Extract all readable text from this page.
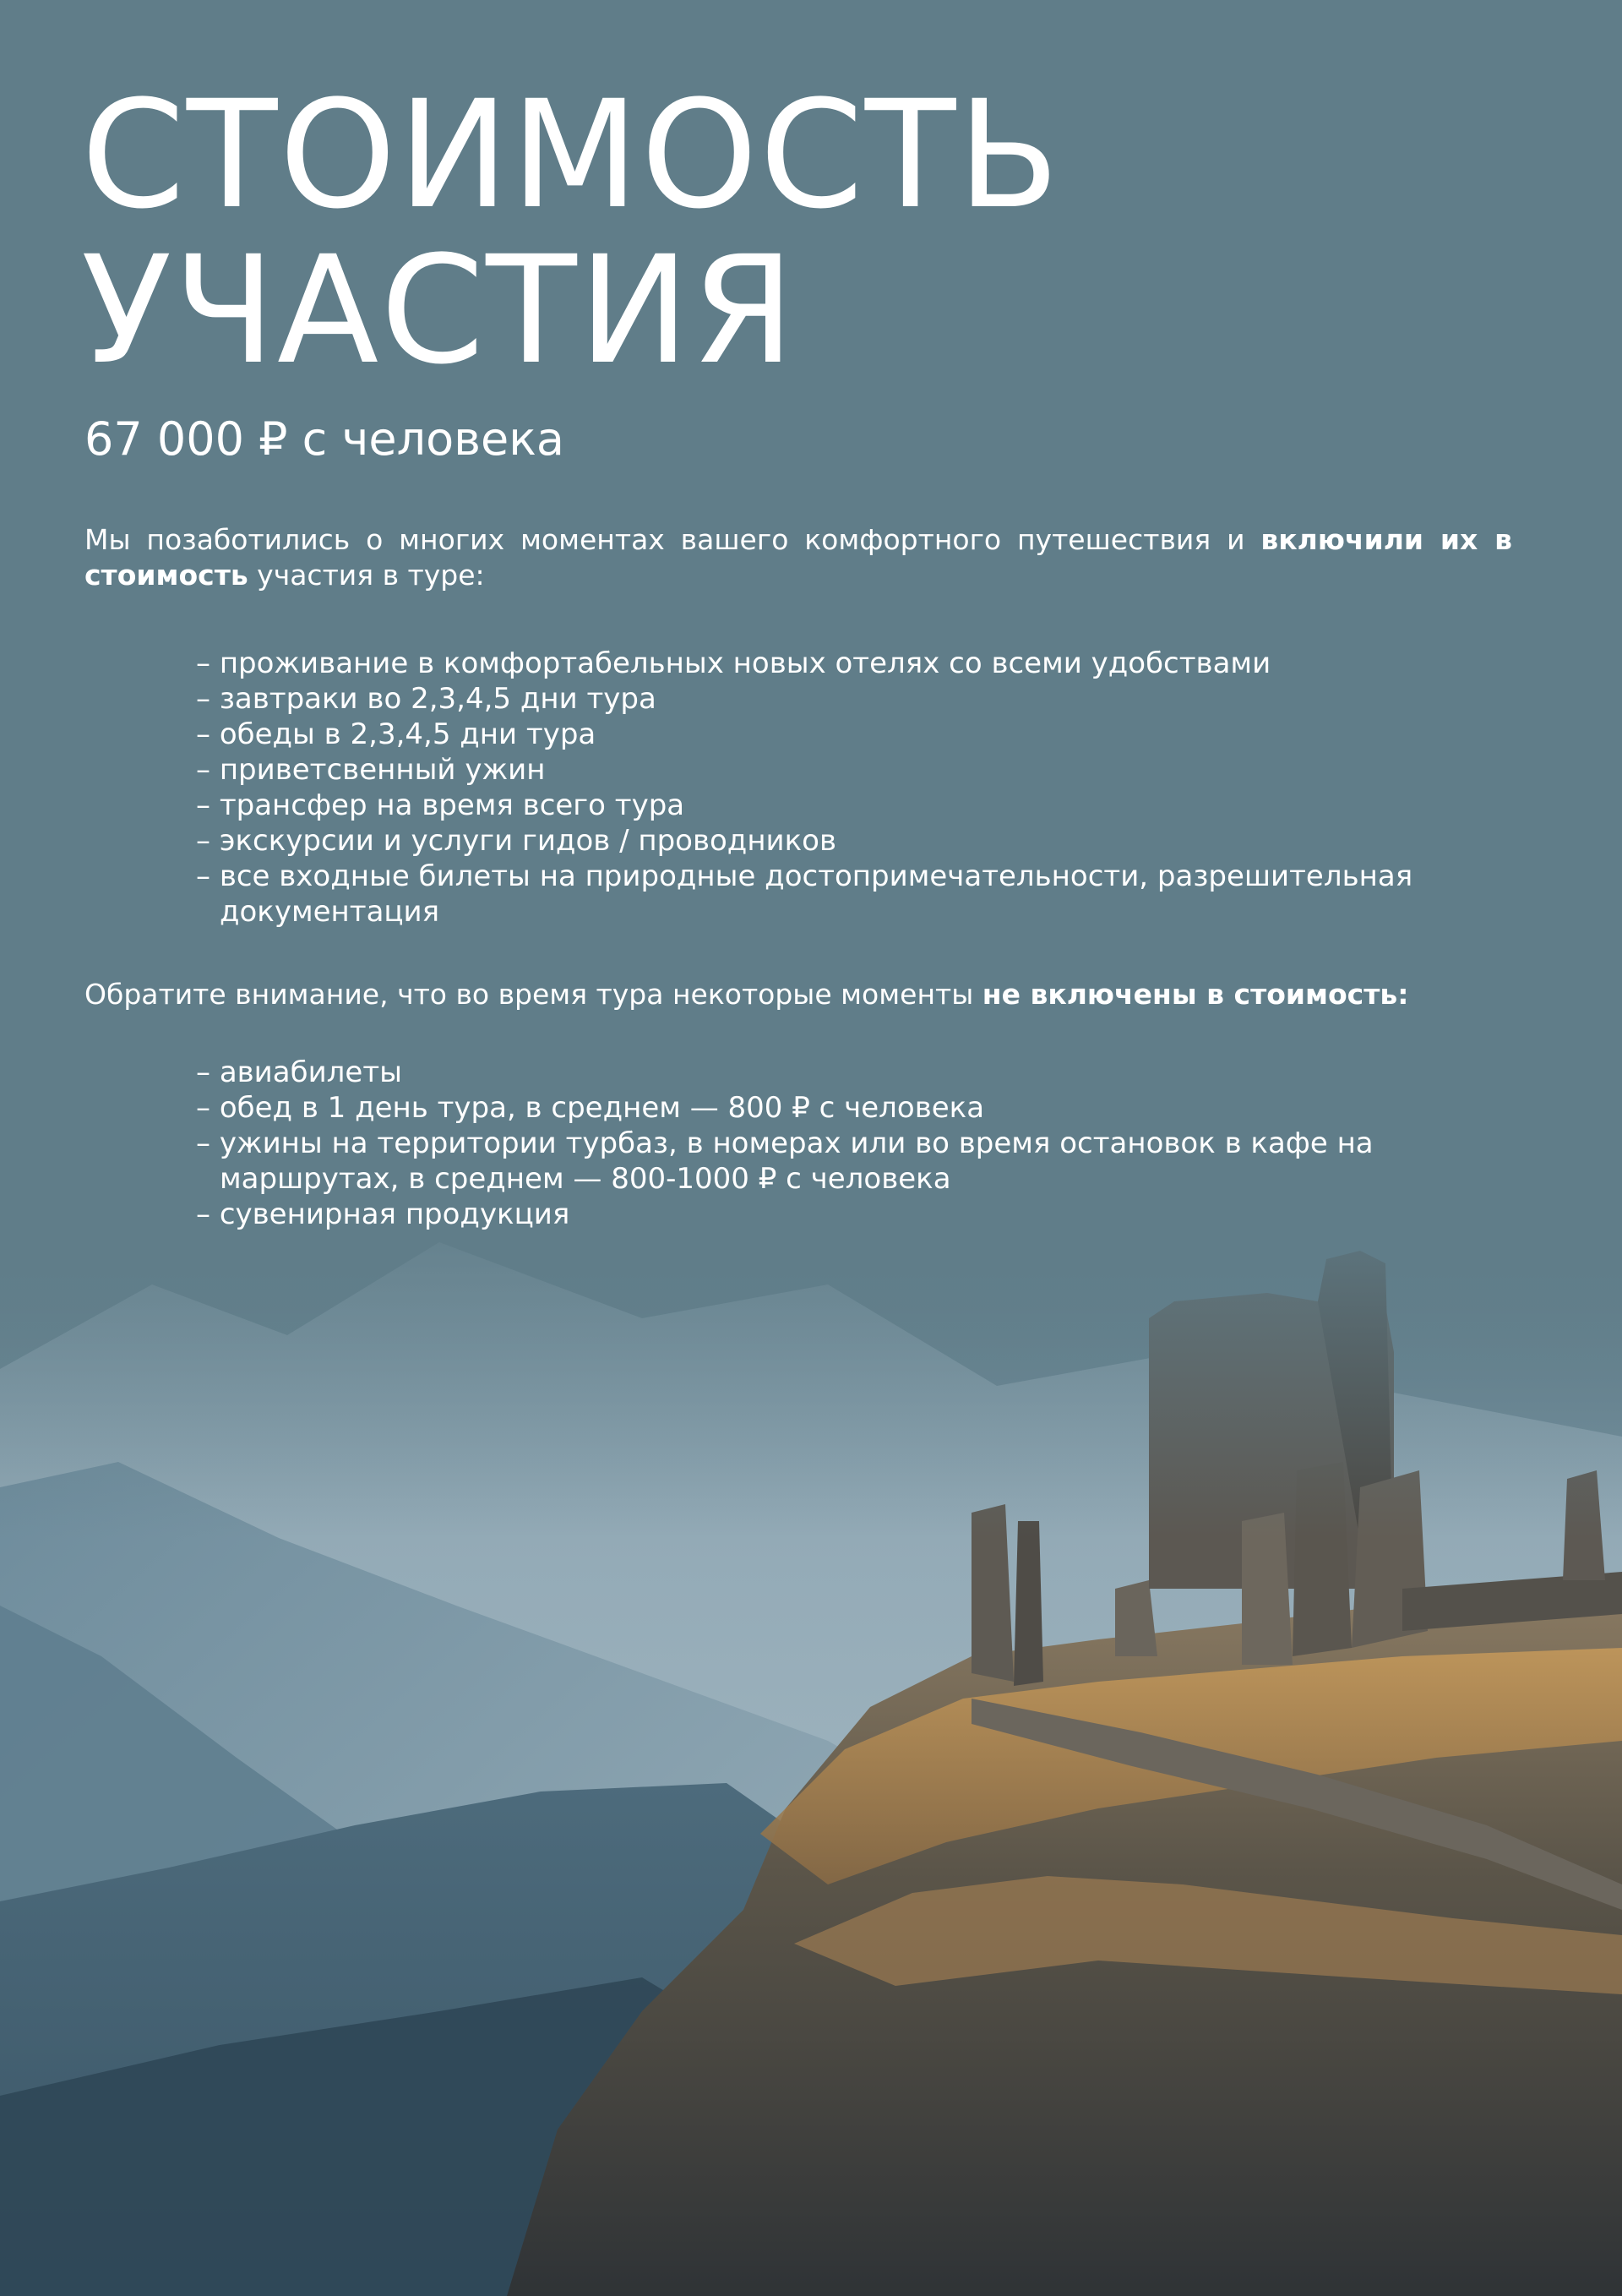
СТОИМОСТЬ
УЧАСТИЯ
67 000 ₽ с человека

Мы позаботились о многих моментах вашего комфортного путешествия и включили их в стоимость участия в туре:

– проживание в комфортабельных новых отелях со всеми удобствами
– завтраки во 2,3,4,5 дни тура
– обеды в 2,3,4,5 дни тура
– приветсвенный ужин
– трансфер на время всего тура
– экскурсии и услуги гидов / проводников
– все входные билеты на природные достопримечательности, разрешительная документация

Обратите внимание, что во время тура некоторые моменты не включены в стоимость:

– авиабилеты
– обед в 1 день тура, в среднем — 800 ₽ с человека
– ужины на территории турбаз, в номерах или во время остановок в кафе на маршрутах, в среднем — 800-1000 ₽ с человека
– сувенирная продукция
